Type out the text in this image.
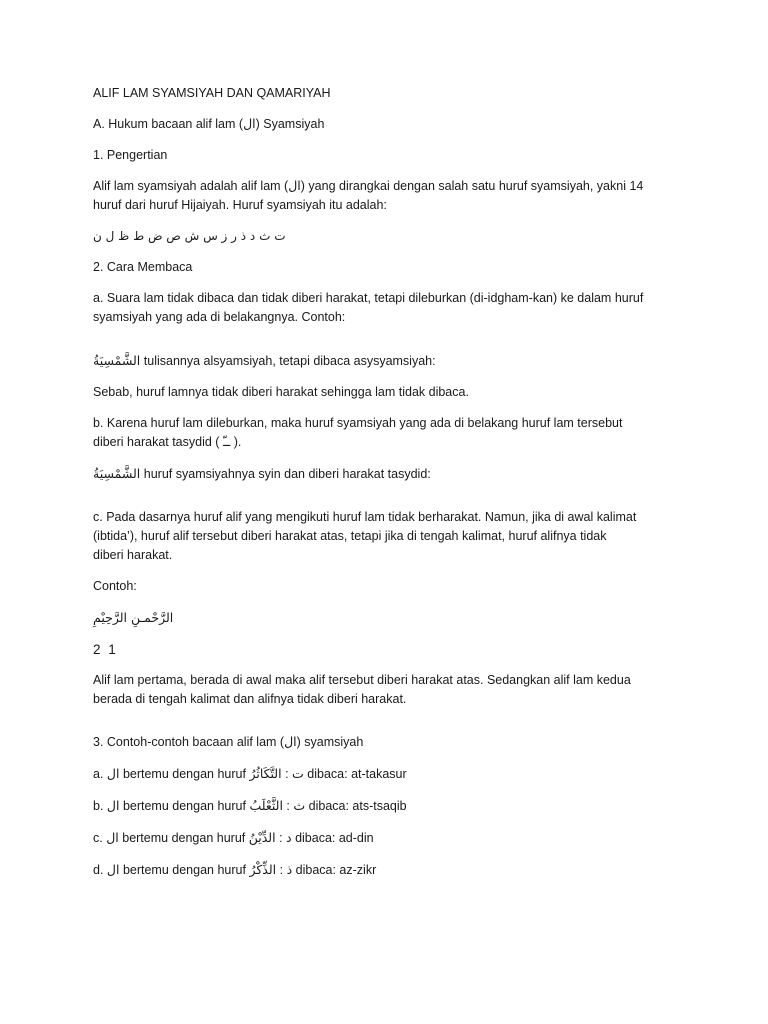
ALIF LAM SYAMSIYAH DAN QAMARIYAH
A. Hukum bacaan alif lam (ال) Syamsiyah
1. Pengertian
Alif lam syamsiyah adalah alif lam (ال) yang dirangkai dengan salah satu huruf syamsiyah, yakni 14
huruf dari huruf Hijaiyah. Huruf syamsiyah itu adalah:
ت ث د ذ ر ز س ش ص ض ط ظ ل ن
2. Cara Membaca
a. Suara lam tidak dibaca dan tidak diberi harakat, tetapi dileburkan (di-idgham-kan) ke dalam huruf
syamsiyah yang ada di belakangnya. Contoh:
الشَّمْسِيَةُ tulisannya alsyamsiyah, tetapi dibaca asysyamsiyah:
Sebab, huruf lamnya tidak diberi harakat sehingga lam tidak dibaca.
b. Karena huruf lam dileburkan, maka huruf syamsiyah yang ada di belakang huruf lam tersebut
diberi harakat tasydid ( ــّ ).
الشَّمْسِيَةُ huruf syamsiyahnya syin dan diberi harakat tasydid:
c. Pada dasarnya huruf alif yang mengikuti huruf lam tidak berharakat. Namun, jika di awal kalimat
(ibtida’), huruf alif tersebut diberi harakat atas, tetapi jika di tengah kalimat, huruf alifnya tidak
diberi harakat.
Contoh:
الرَّحْمـنِ الرَّحِيْمِ
2 1
Alif lam pertama, berada di awal maka alif tersebut diberi harakat atas. Sedangkan alif lam kedua
berada di tengah kalimat dan alifnya tidak diberi harakat.
3. Contoh-contoh bacaan alif lam (ال) syamsiyah
a. ال bertemu dengan huruf التَّكَاثُرُ : ت dibaca: at-takasur
b. ال bertemu dengan huruf الثَّعْلَبُ : ث dibaca: ats-tsaqib
c. ال bertemu dengan huruf الدِّيْنُ : د dibaca: ad-din
d. ال bertemu dengan huruf الذِّكْرُ : ذ dibaca: az-zikr
